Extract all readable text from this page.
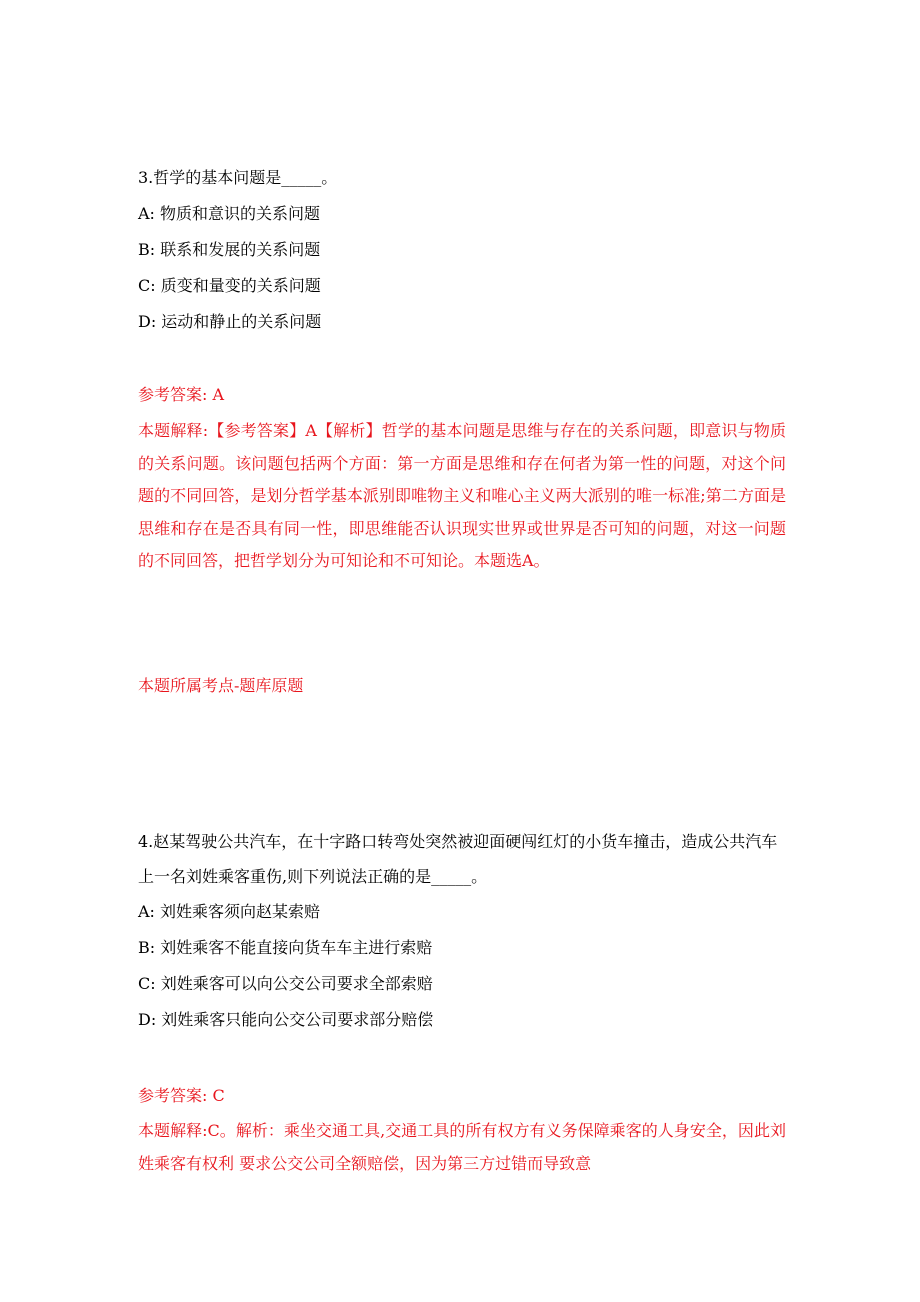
3.哲学的基本问题是_____。
A: 物质和意识的关系问题
B: 联系和发展的关系问题
C: 质变和量变的关系问题
D: 运动和静止的关系问题
参考答案: A
本题解释:【参考答案】A【解析】哲学的基本问题是思维与存在的关系问题，即意识与物质的关系问题。该问题包括两个方面：第一方面是思维和存在何者为第一性的问题，对这个问题的不同回答，是划分哲学基本派别即唯物主义和唯心主义两大派别的唯一标准;第二方面是思维和存在是否具有同一性，即思维能否认识现实世界或世界是否可知的问题，对这一问题的不同回答，把哲学划分为可知论和不可知论。本题选A。
本题所属考点-题库原题
4.赵某驾驶公共汽车，在十字路口转弯处突然被迎面硬闯红灯的小货车撞击，造成公共汽车上一名刘姓乘客重伤,则下列说法正确的是_____。
A: 刘姓乘客须向赵某索赔
B: 刘姓乘客不能直接向货车车主进行索赔
C: 刘姓乘客可以向公交公司要求全部索赔
D: 刘姓乘客只能向公交公司要求部分赔偿
参考答案: C
本题解释:C。解析：乘坐交通工具,交通工具的所有权方有义务保障乘客的人身安全，因此刘姓乘客有权利 要求公交公司全额赔偿，因为第三方过错而导致意
